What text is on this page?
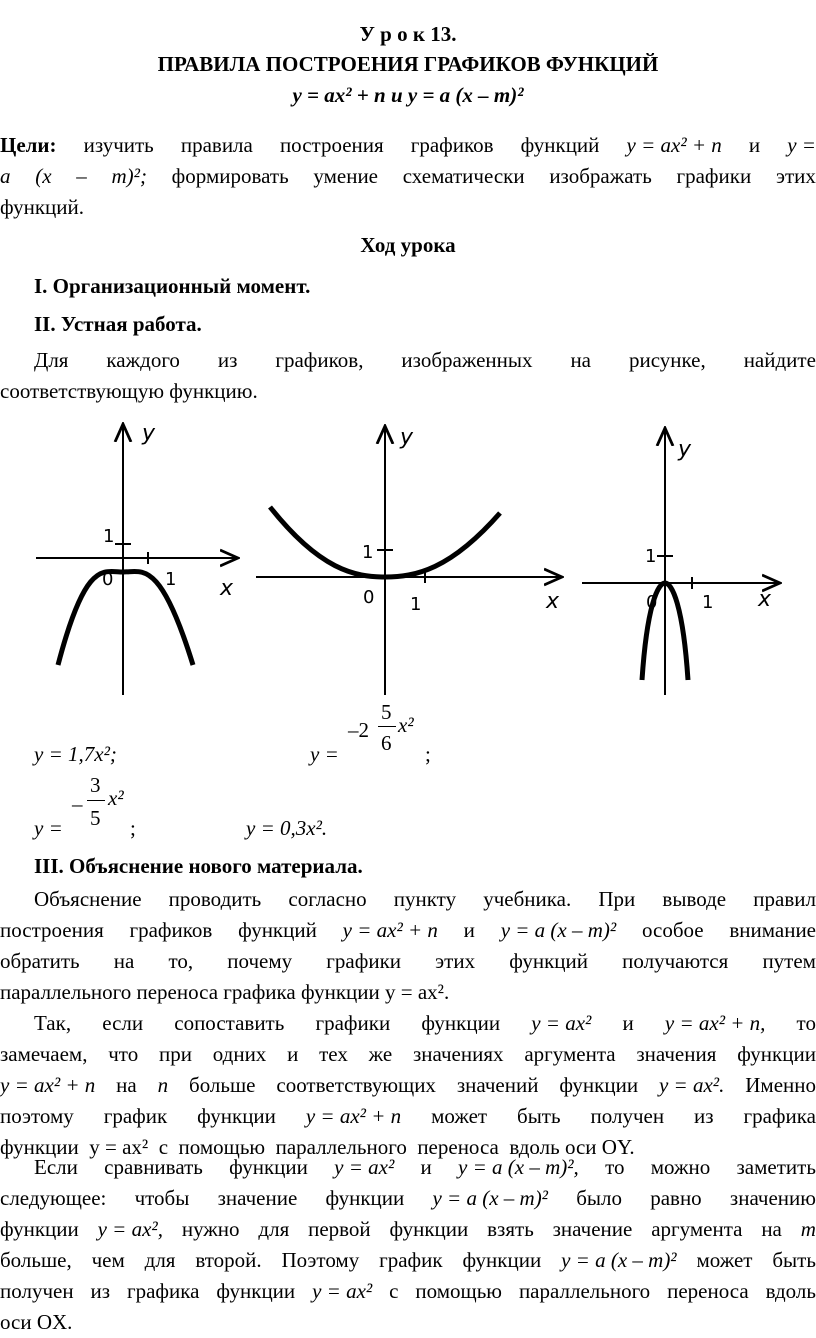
У р о к 13.
ПРАВИЛА ПОСТРОЕНИЯ ГРАФИКОВ ФУНКЦИЙ
y = ax² + n и y = a (x – m)²
Цели: изучить правила построения графиков функций y = ax² + n и y =
a (x – m)²; формировать умение схематически изображать графики этих
функций.
Ход урока
I. Организационный момент.
II. Устная работа.
Для каждого из графиков, изображенных на рисунке, найдите
соответствующую функцию.
y
x
1
1
0
y
x
1
1
0
y
x
1
1
0
y = 1,7x²;	y =
–2
5
6
x²
;
y =
–
3
5
x²
;	y = 0,3x².
III. Объяснение нового материала.
Объяснение проводить согласно пункту учебника. При выводе правил
построения графиков функций y = ax² + n и y = a (x – m)² особое внимание
обратить на то, почему графики этих функций получаются путем
параллельного переноса графика функции y = ax².
Так, если сопоставить графики функции y = ax² и y = ax² + n, то
замечаем, что при одних и тех же значениях аргумента значения функции
y = ax² + n на n больше соответствующих значений функции y = ax². Именно
поэтому график функции y = ax² + n может быть получен из графика
функции  y = ax²  с  помощью  параллельного  переноса  вдоль оси OY.
Если сравнивать функции y = ax² и y = a (x – m)², то можно заметить
следующее: чтобы значение функции y = a (x – m)² было равно значению
функции y = ax², нужно для первой функции взять значение аргумента на m
больше, чем для второй. Поэтому график функции y = a (x – m)² может быть
получен из графика функции y = ax² с помощью параллельного переноса вдоль
оси OX.
